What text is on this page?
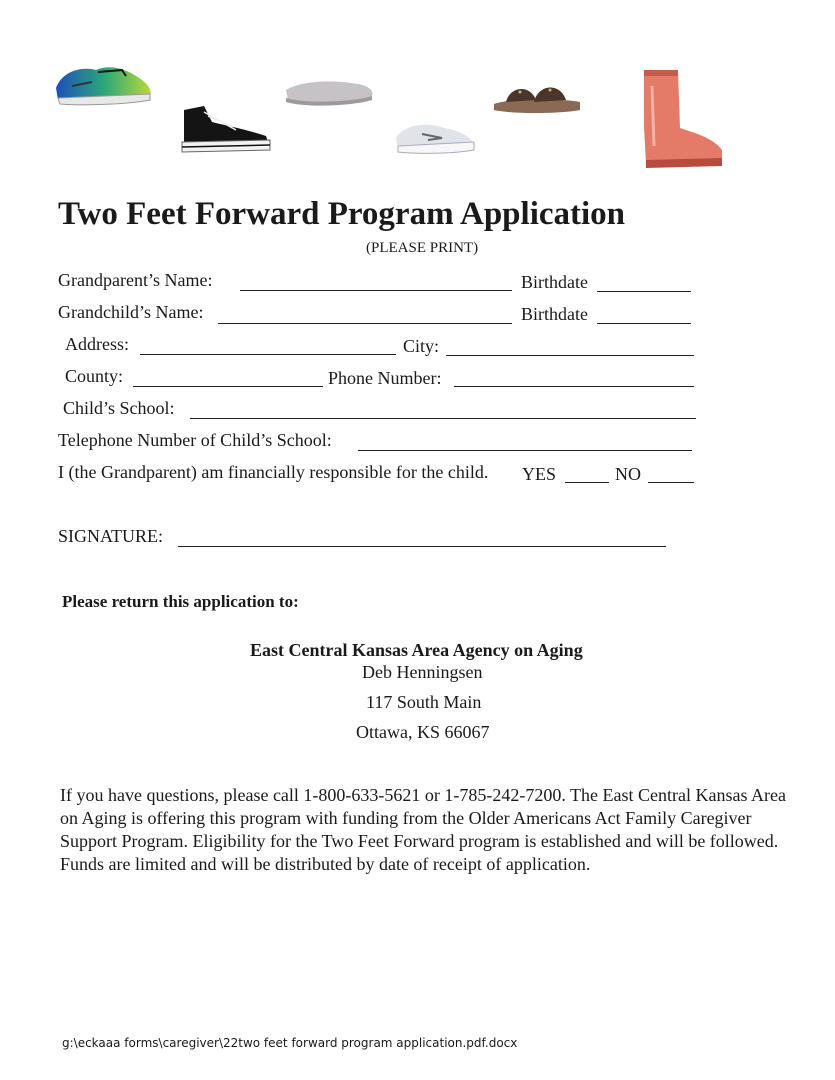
Two Feet Forward Program Application
(PLEASE PRINT)
Grandparent’s Name:	Birthdate
Grandchild’s Name:	Birthdate
Address:	City:
County:	Phone Number:
Child’s School:
Telephone Number of Child’s School:
I (the Grandparent) am financially responsible for the child. YES	NO
SIGNATURE:
Please return this application to:
East Central Kansas Area Agency on Aging
Deb Henningsen
117 South Main
Ottawa, KS 66067
If you have questions, please call 1-800-633-5621 or 1-785-242-7200. The East Central Kansas Area on Aging is offering this program with funding from the Older Americans Act Family Caregiver Support Program. Eligibility for the Two Feet Forward program is established and will be followed. Funds are limited and will be distributed by date of receipt of application.
g:\eckaaa forms\caregiver\22two feet forward program application.pdf.docx
